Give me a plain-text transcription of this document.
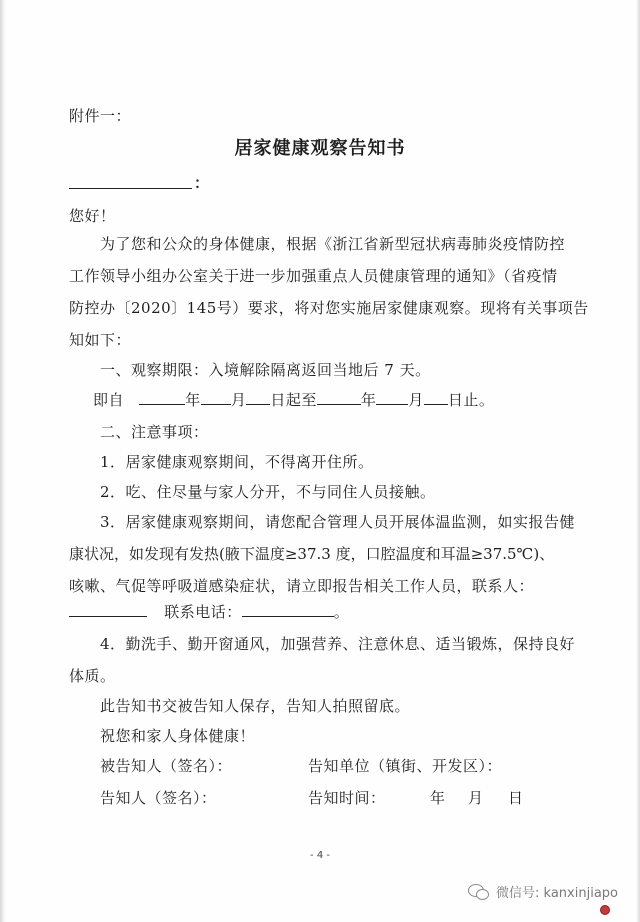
附件一：
居家健康观察告知书
：
您好！
为了您和公众的身体健康，根据《浙江省新型冠状病毒肺炎疫情防控
工作领导小组办公室关于进一步加强重点人员健康管理的通知》（省疫情
防控办〔2020〕145号）要求，将对您实施居家健康观察。现将有关事项告
知如下：
一、观察期限：入境解除隔离返回当地后 7 天。
即自	年 月 日起至	年 月 日止。
二、注意事项：
1．居家健康观察期间，不得离开住所。
2．吃、住尽量与家人分开，不与同住人员接触。
3．居家健康观察期间，请您配合管理人员开展体温监测，如实报告健
康状况，如发现有发热(腋下温度≥37.3 度，口腔温度和耳温≥37.5℃)、
咳嗽、气促等呼吸道感染症状，请立即报告相关工作人员，联系人：
联系电话：	。
4．勤洗手、勤开窗通风，加强营养、注意休息、适当锻炼，保持良好
体质。
此告知书交被告知人保存，告知人拍照留底。
祝您和家人身体健康！
被告知人（签名）：	告知单位（镇街、开发区）：
告知人（签名）：	告知时间：	年 月 日
- 4 -
微信号: kanxinjiapo
